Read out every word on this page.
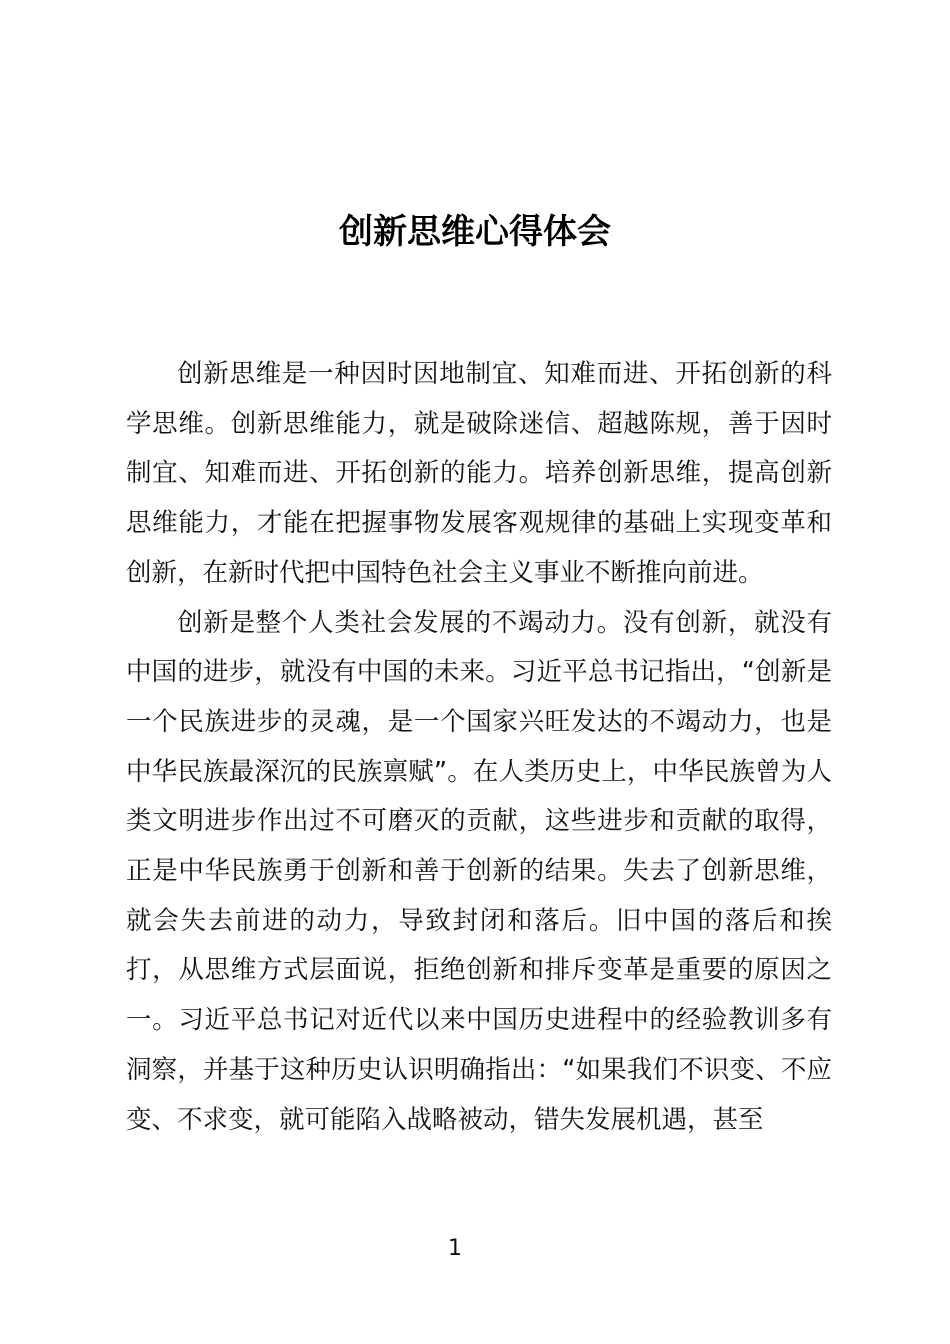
创新思维心得体会

创新思维是一种因时因地制宜、知难而进、开拓创新的科学思维。创新思维能力，就是破除迷信、超越陈规，善于因时制宜、知难而进、开拓创新的能力。培养创新思维，提高创新思维能力，才能在把握事物发展客观规律的基础上实现变革和创新，在新时代把中国特色社会主义事业不断推向前进。

创新是整个人类社会发展的不竭动力。没有创新，就没有中国的进步，就没有中国的未来。习近平总书记指出，“创新是一个民族进步的灵魂，是一个国家兴旺发达的不竭动力，也是中华民族最深沉的民族禀赋”。在人类历史上，中华民族曾为人类文明进步作出过不可磨灭的贡献，这些进步和贡献的取得，正是中华民族勇于创新和善于创新的结果。失去了创新思维，就会失去前进的动力，导致封闭和落后。旧中国的落后和挨打，从思维方式层面说，拒绝创新和排斥变革是重要的原因之一。习近平总书记对近代以来中国历史进程中的经验教训多有洞察，并基于这种历史认识明确指出：“如果我们不识变、不应变、不求变，就可能陷入战略被动，错失发展机遇，甚至

1
